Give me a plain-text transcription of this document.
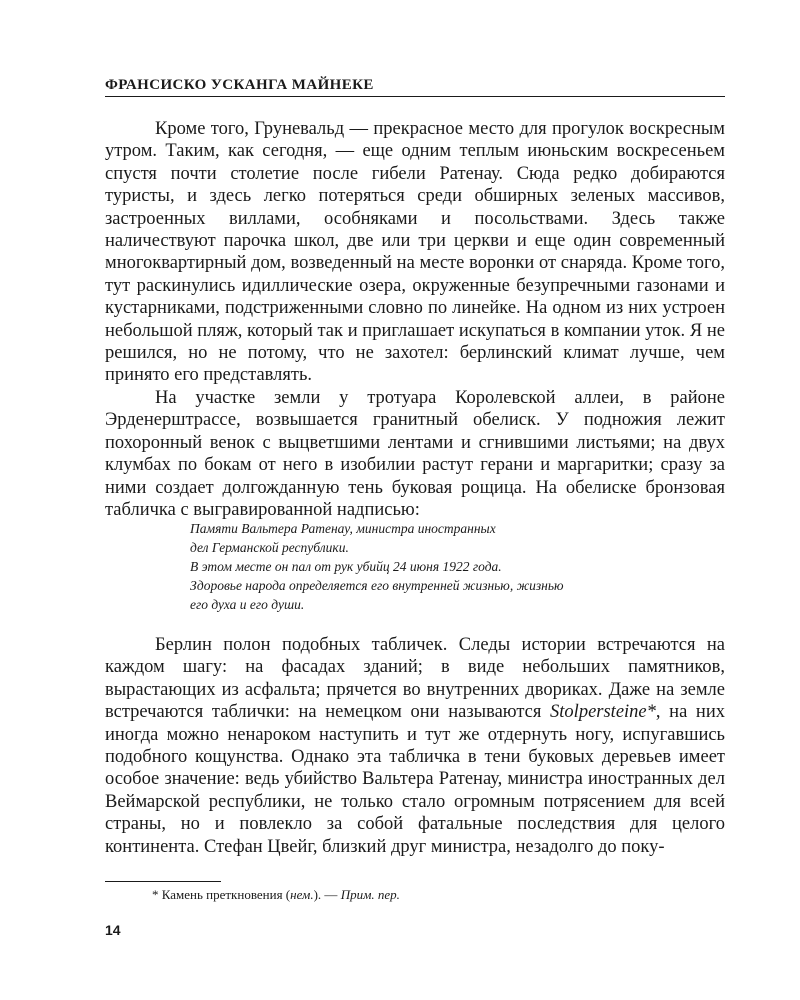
ФРАНСИСКО УСКАНГА МАЙНЕКЕ

Кроме того, Груневальд — прекрасное место для прогулок воскресным утром. Таким, как сегодня, — еще одним теплым июньским воскресеньем спустя почти столетие после гибели Ратенау. Сюда редко добираются туристы, и здесь легко потеряться среди обширных зеленых массивов, застроенных виллами, особняками и посольствами. Здесь также наличествуют парочка школ, две или три церкви и еще один современный многоквартирный дом, возведенный на месте воронки от снаряда. Кроме того, тут раскинулись идиллические озера, окруженные безупречными газонами и кустарниками, подстриженными словно по линейке. На одном из них устроен небольшой пляж, который так и приглашает искупаться в компании уток. Я не решился, но не потому, что не захотел: берлинский климат лучше, чем принято его представлять.

На участке земли у тротуара Королевской аллеи, в районе Эрденерштрассе, возвышается гранитный обелиск. У подножия лежит похоронный венок с выцветшими лентами и сгнившими листьями; на двух клумбах по бокам от него в изобилии растут герани и маргаритки; сразу за ними создает долгожданную тень буковая рощица. На обелиске бронзовая табличка с выгравированной надписью:

Памяти Вальтера Ратенау, министра иностранных
дел Германской республики.
В этом месте он пал от рук убийц 24 июня 1922 года.
Здоровье народа определяется его внутренней жизнью, жизнью
его духа и его души.

Берлин полон подобных табличек. Следы истории встречаются на каждом шагу: на фасадах зданий; в виде небольших памятников, вырастающих из асфальта; прячется во внутренних двориках. Даже на земле встречаются таблички: на немецком они называются Stolpersteine*, на них иногда можно ненароком наступить и тут же отдернуть ногу, испугавшись подобного кощунства. Однако эта табличка в тени буковых деревьев имеет особое значение: ведь убийство Вальтера Ратенау, министра иностранных дел Веймарской республики, не только стало огромным потрясением для всей страны, но и повлекло за собой фатальные последствия для целого континента. Стефан Цвейг, близкий друг министра, незадолго до поку-

* Камень преткновения (нем.). — Прим. пер.
14
